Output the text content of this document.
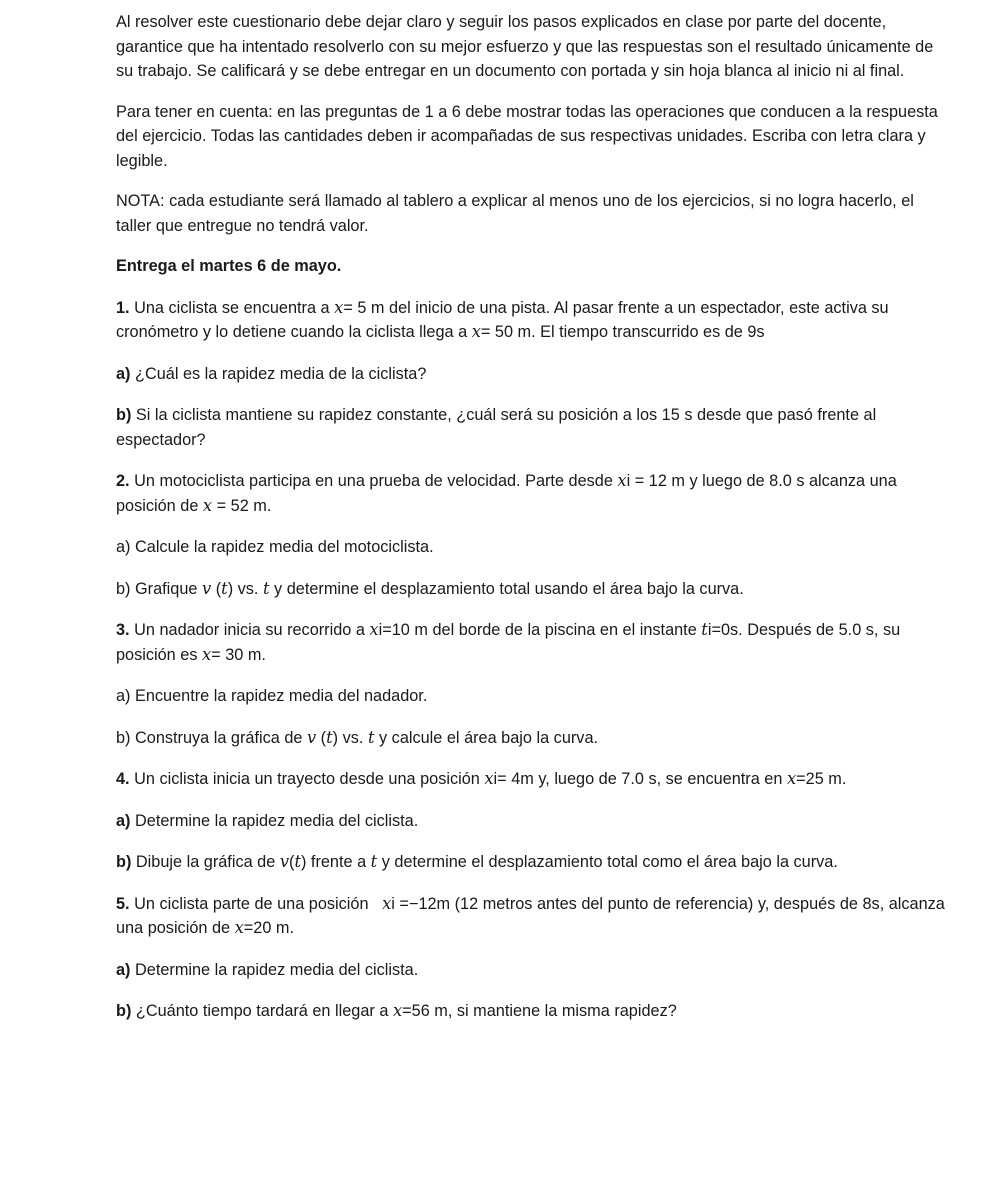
Al resolver este cuestionario debe dejar claro y seguir los pasos explicados en clase por parte del docente, garantice que ha intentado resolverlo con su mejor esfuerzo y que las respuestas son el resultado únicamente de su trabajo. Se calificará y se debe entregar en un documento con portada y sin hoja blanca al inicio ni al final.

Para tener en cuenta: en las preguntas de 1 a 6 debe mostrar todas las operaciones que conducen a la respuesta del ejercicio. Todas las cantidades deben ir acompañadas de sus respectivas unidades. Escriba con letra clara y legible.

NOTA: cada estudiante será llamado al tablero a explicar al menos uno de los ejercicios, si no logra hacerlo, el taller que entregue no tendrá valor.

Entrega el martes 6 de mayo.

1. Una ciclista se encuentra a x= 5 m del inicio de una pista. Al pasar frente a un espectador, este activa su cronómetro y lo detiene cuando la ciclista llega a x= 50 m. El tiempo transcurrido es de 9s

a) ¿Cuál es la rapidez media de la ciclista?

b) Si la ciclista mantiene su rapidez constante, ¿cuál será su posición a los 15 s desde que pasó frente al espectador?

2. Un motociclista participa en una prueba de velocidad. Parte desde xi = 12 m y luego de 8.0 s alcanza una posición de x = 52 m.

a) Calcule la rapidez media del motociclista.

b) Grafique v (t) vs. t y determine el desplazamiento total usando el área bajo la curva.

3. Un nadador inicia su recorrido a xi=10 m del borde de la piscina en el instante ti=0s. Después de 5.0 s, su posición es x= 30 m.

a) Encuentre la rapidez media del nadador.

b) Construya la gráfica de v (t) vs. t y calcule el área bajo la curva.

4. Un ciclista inicia un trayecto desde una posición xi= 4m y, luego de 7.0 s, se encuentra en x=25 m.

a) Determine la rapidez media del ciclista.

b) Dibuje la gráfica de v(t) frente a t y determine el desplazamiento total como el área bajo la curva.

5. Un ciclista parte de una posición   xi =−12m (12 metros antes del punto de referencia) y, después de 8s, alcanza una posición de x=20 m.

a) Determine la rapidez media del ciclista.

b) ¿Cuánto tiempo tardará en llegar a x=56 m, si mantiene la misma rapidez?
